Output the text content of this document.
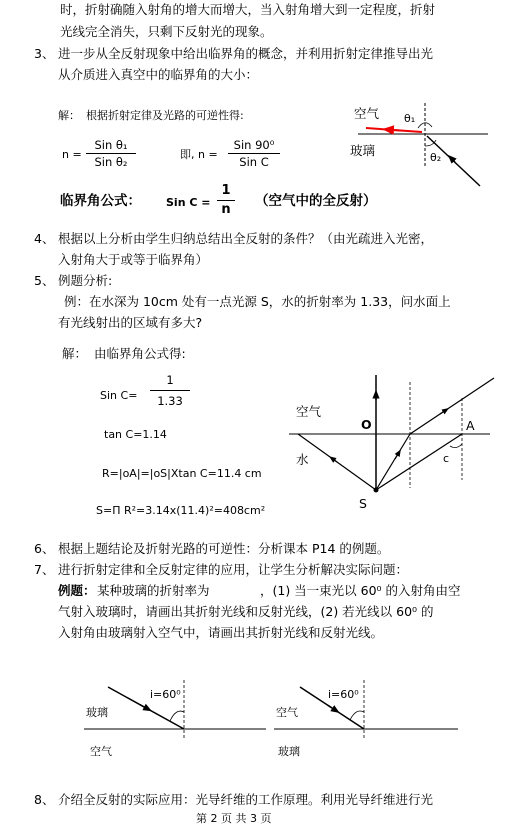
时，折射确随入射角的增大而增大，当入射角增大到一定程度，折射
光线完全消失，只剩下反射光的现象。
3、 进一步从全反射现象中给出临界角的概念，并利用折射定律推导出光
从介质进入真空中的临界角的大小：
解： 根据折射定律及光路的可逆性得:
n =
Sin θ₁
Sin θ₂
即, n =
Sin 90⁰
Sin C
空气
玻璃
θ₁
θ₂
临界角公式： Sin C =
1
n
（空气中的全反射）
4、 根据以上分析由学生归纳总结出全反射的条件？（由光疏进入光密，
入射角大于或等于临界角）
5、 例题分析:
例：在水深为 10cm 处有一点光源 S，水的折射率为 1.33，问水面上
有光线射出的区域有多大?
解： 由临界角公式得:
Sin C=
1
1.33
tan C=1.14
R=|oA|=|oS|Xtan C=11.4 cm
S=Π R²=3.14x(11.4)²=408cm²
空气
水
O	A
c
S
6、 根据上题结论及折射光路的可逆性：分析课本 P14 的例题。
7、 进行折射定律和全反射定律的应用，让学生分析解决实际问题：
例题： 某种玻璃的折射率为	，(1) 当一束光以 60⁰ 的入射角由空
气射入玻璃时，请画出其折射光线和反射光线，(2) 若光线以 60⁰ 的
入射角由玻璃射入空气中，请画出其折射光线和反射光线。
i=60⁰
玻璃
空气
i=60⁰
空气
玻璃
8、 介绍全反射的实际应用：光导纤维的工作原理。利用光导纤维进行光
第 2 页 共 3 页
